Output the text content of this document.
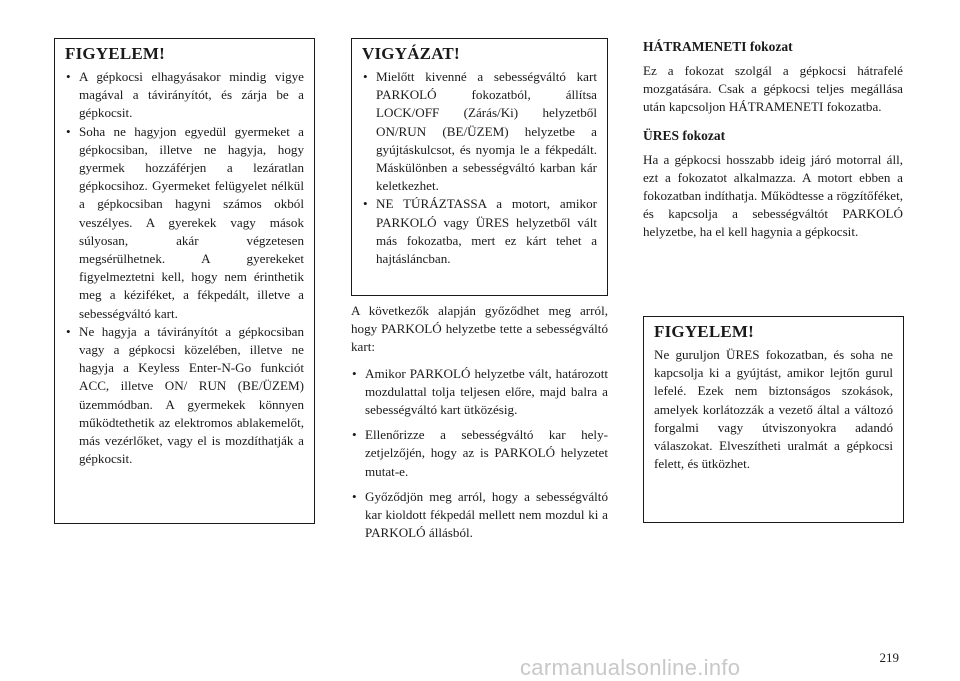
FIGYELEM!
• A gépkocsi elhagyásakor mindig vigye magával a távirányítót, és zárja be a gépkocsit.
• Soha ne hagyjon egyedül gyermeket a gépkocsiban, illetve ne hagyja, hogy gyermek hozzáférjen a lezáratlan gépkocsihoz. Gyermeket felügyelet nélkül a gépkocsiban hagyni számos okból veszélyes. A gyerekek vagy mások súlyosan, akár végzetesen megsérülhetnek. A gyerekeket figyelmeztetni kell, hogy nem érinthetik meg a kéziféket, a fékpedált, illetve a sebességváltó kart.
• Ne hagyja a távirányítót a gépkocsiban vagy a gépkocsi közelében, illetve ne hagyja a Keyless Enter-N-Go funkciót ACC, illetve ON/ RUN (BE/ÜZEM) üzemmódban. A gyermekek könnyen működtethetik az elektromos ablakemelőt, más vezérlőket, vagy el is mozdíthatják a gépkocsit.
VIGYÁZAT!
• Mielőtt kivenné a sebességváltó kart PARKOLÓ fokozatból, állítsa LOCK/OFF (Zárás/Ki) helyzetből ON/RUN (BE/ÜZEM) helyzetbe a gyújtáskulcsot, és nyomja le a fékpedált. Máskülönben a sebességváltó karban kár keletkezhet.
• NE TÚRÁZTASSA a motort, amikor PARKOLÓ vagy ÜRES helyzetből vált más fokozatba, mert ez kárt tehet a hajtásláncban.

A következők alapján győződhet meg arról, hogy PARKOLÓ helyzetbe tette a sebességváltó kart:

• Amikor PARKOLÓ helyzetbe vált, határozott mozdulattal tolja teljesen előre, majd balra a sebességváltó kart ütközésig.
• Ellenőrizze a sebességváltó kar helyzetjelzőjén, hogy az is PARKOLÓ helyzetet mutat-e.
• Győződjön meg arról, hogy a sebességváltó kar kioldott fékpedál mellett nem mozdul ki a PARKOLÓ állásból.

HÁTRAMENETI fokozat

Ez a fokozat szolgál a gépkocsi hátrafelé mozgatására. Csak a gépkocsi teljes megállása után kapcsoljon HÁTRAMENETI fokozatba.

ÜRES fokozat

Ha a gépkocsi hosszabb ideig járó motorral áll, ezt a fokozatot alkalmazza. A motort ebben a fokozatban indíthatja. Működtesse a rögzítőféket, és kapcsolja a sebességváltót PARKOLÓ helyzetbe, ha el kell hagynia a gépkocsit.

FIGYELEM!

Ne guruljon ÜRES fokozatban, és soha ne kapcsolja ki a gyújtást, amikor lejtőn gurul lefelé. Ezek nem biztonságos szokások, amelyek korlátozzák a vezető által a változó forgalmi vagy útviszonyokra adandó válaszokat. Elveszítheti uralmát a gépkocsi felett, és ütközhet.

219
carmanualsonline.info
